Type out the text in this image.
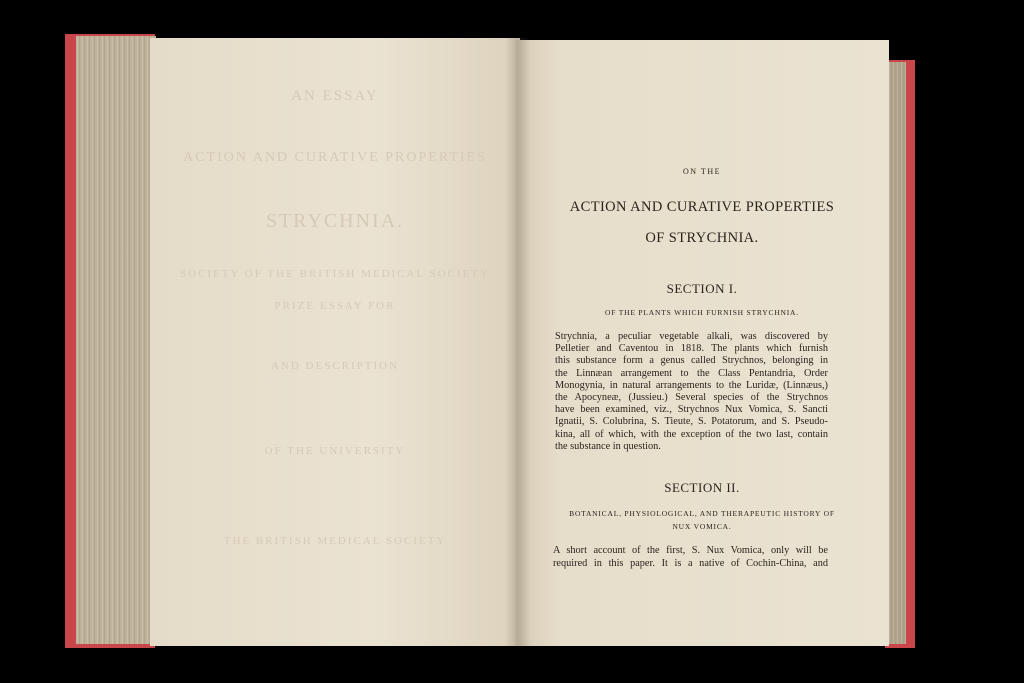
AN ESSAY

ACTION AND CURATIVE PROPERTIES

STRYCHNIA.

SOCIETY OF THE BRITISH MEDICAL SOCIETY

PRIZE ESSAY FOR

AND DESCRIPTION

OF THE UNIVERSITY

THE BRITISH MEDICAL SOCIETY

ON THE

ACTION AND CURATIVE PROPERTIES

OF STRYCHNIA.

SECTION I.

OF THE PLANTS WHICH FURNISH STRYCHNIA.

Strychnia, a peculiar vegetable alkali, was discovered by
Pelletier and Caventou in 1818. The plants which furnish
this substance form a genus called Strychnos, belonging in
the Linnæan arrangement to the Class Pentandria, Order
Monogynia, in natural arrangements to the Luridæ, (Linnæus,)
the Apocyneæ, (Jussieu.) Several species of the Strychnos
have been examined, viz., Strychnos Nux Vomica, S. Sancti
Ignatii, S. Colubrina, S. Tieute, S. Potatorum, and S. Pseudo-
kina, all of which, with the exception of the two last, contain
the substance in question.

SECTION II.

BOTANICAL, PHYSIOLOGICAL, AND THERAPEUTIC HISTORY OF

NUX VOMICA.

A short account of the first, S. Nux Vomica, only will be
required in this paper. It is a native of Cochin-China, and
